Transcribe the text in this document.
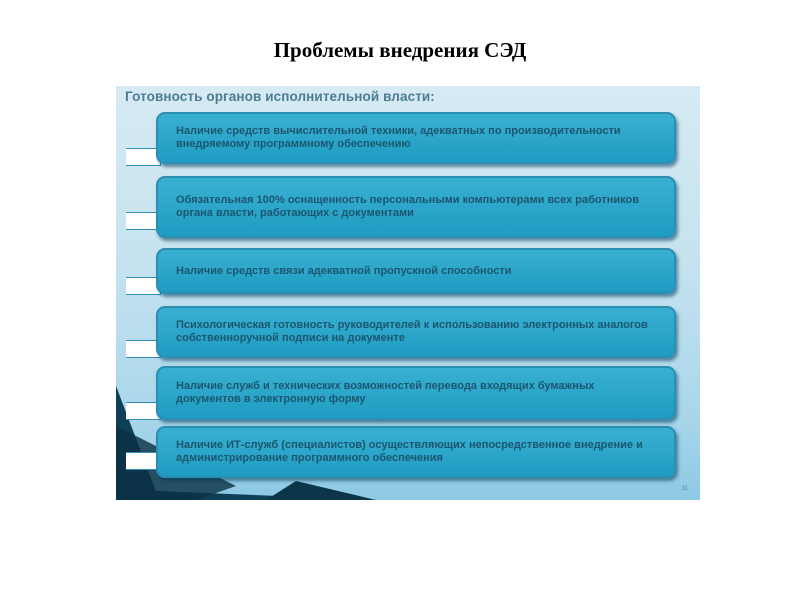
Проблемы внедрения СЭД
Готовность органов исполнительной власти:
Наличие средств вычислительной техники, адекватных по производительности внедряемому программному обеспечению
Обязательная 100% оснащенность персональными компьютерами всех работников органа власти, работающих с документами
Наличие средств связи адекватной пропускной способности
Психологическая готовность руководителей к использованию электронных аналогов собственноручной подписи на документе
Наличие служб и технических возможностей перевода входящих бумажных документов в электронную форму
Наличие ИТ-служб (специалистов) осуществляющих непосредственное внедрение и администрирование программного обеспечения
31
